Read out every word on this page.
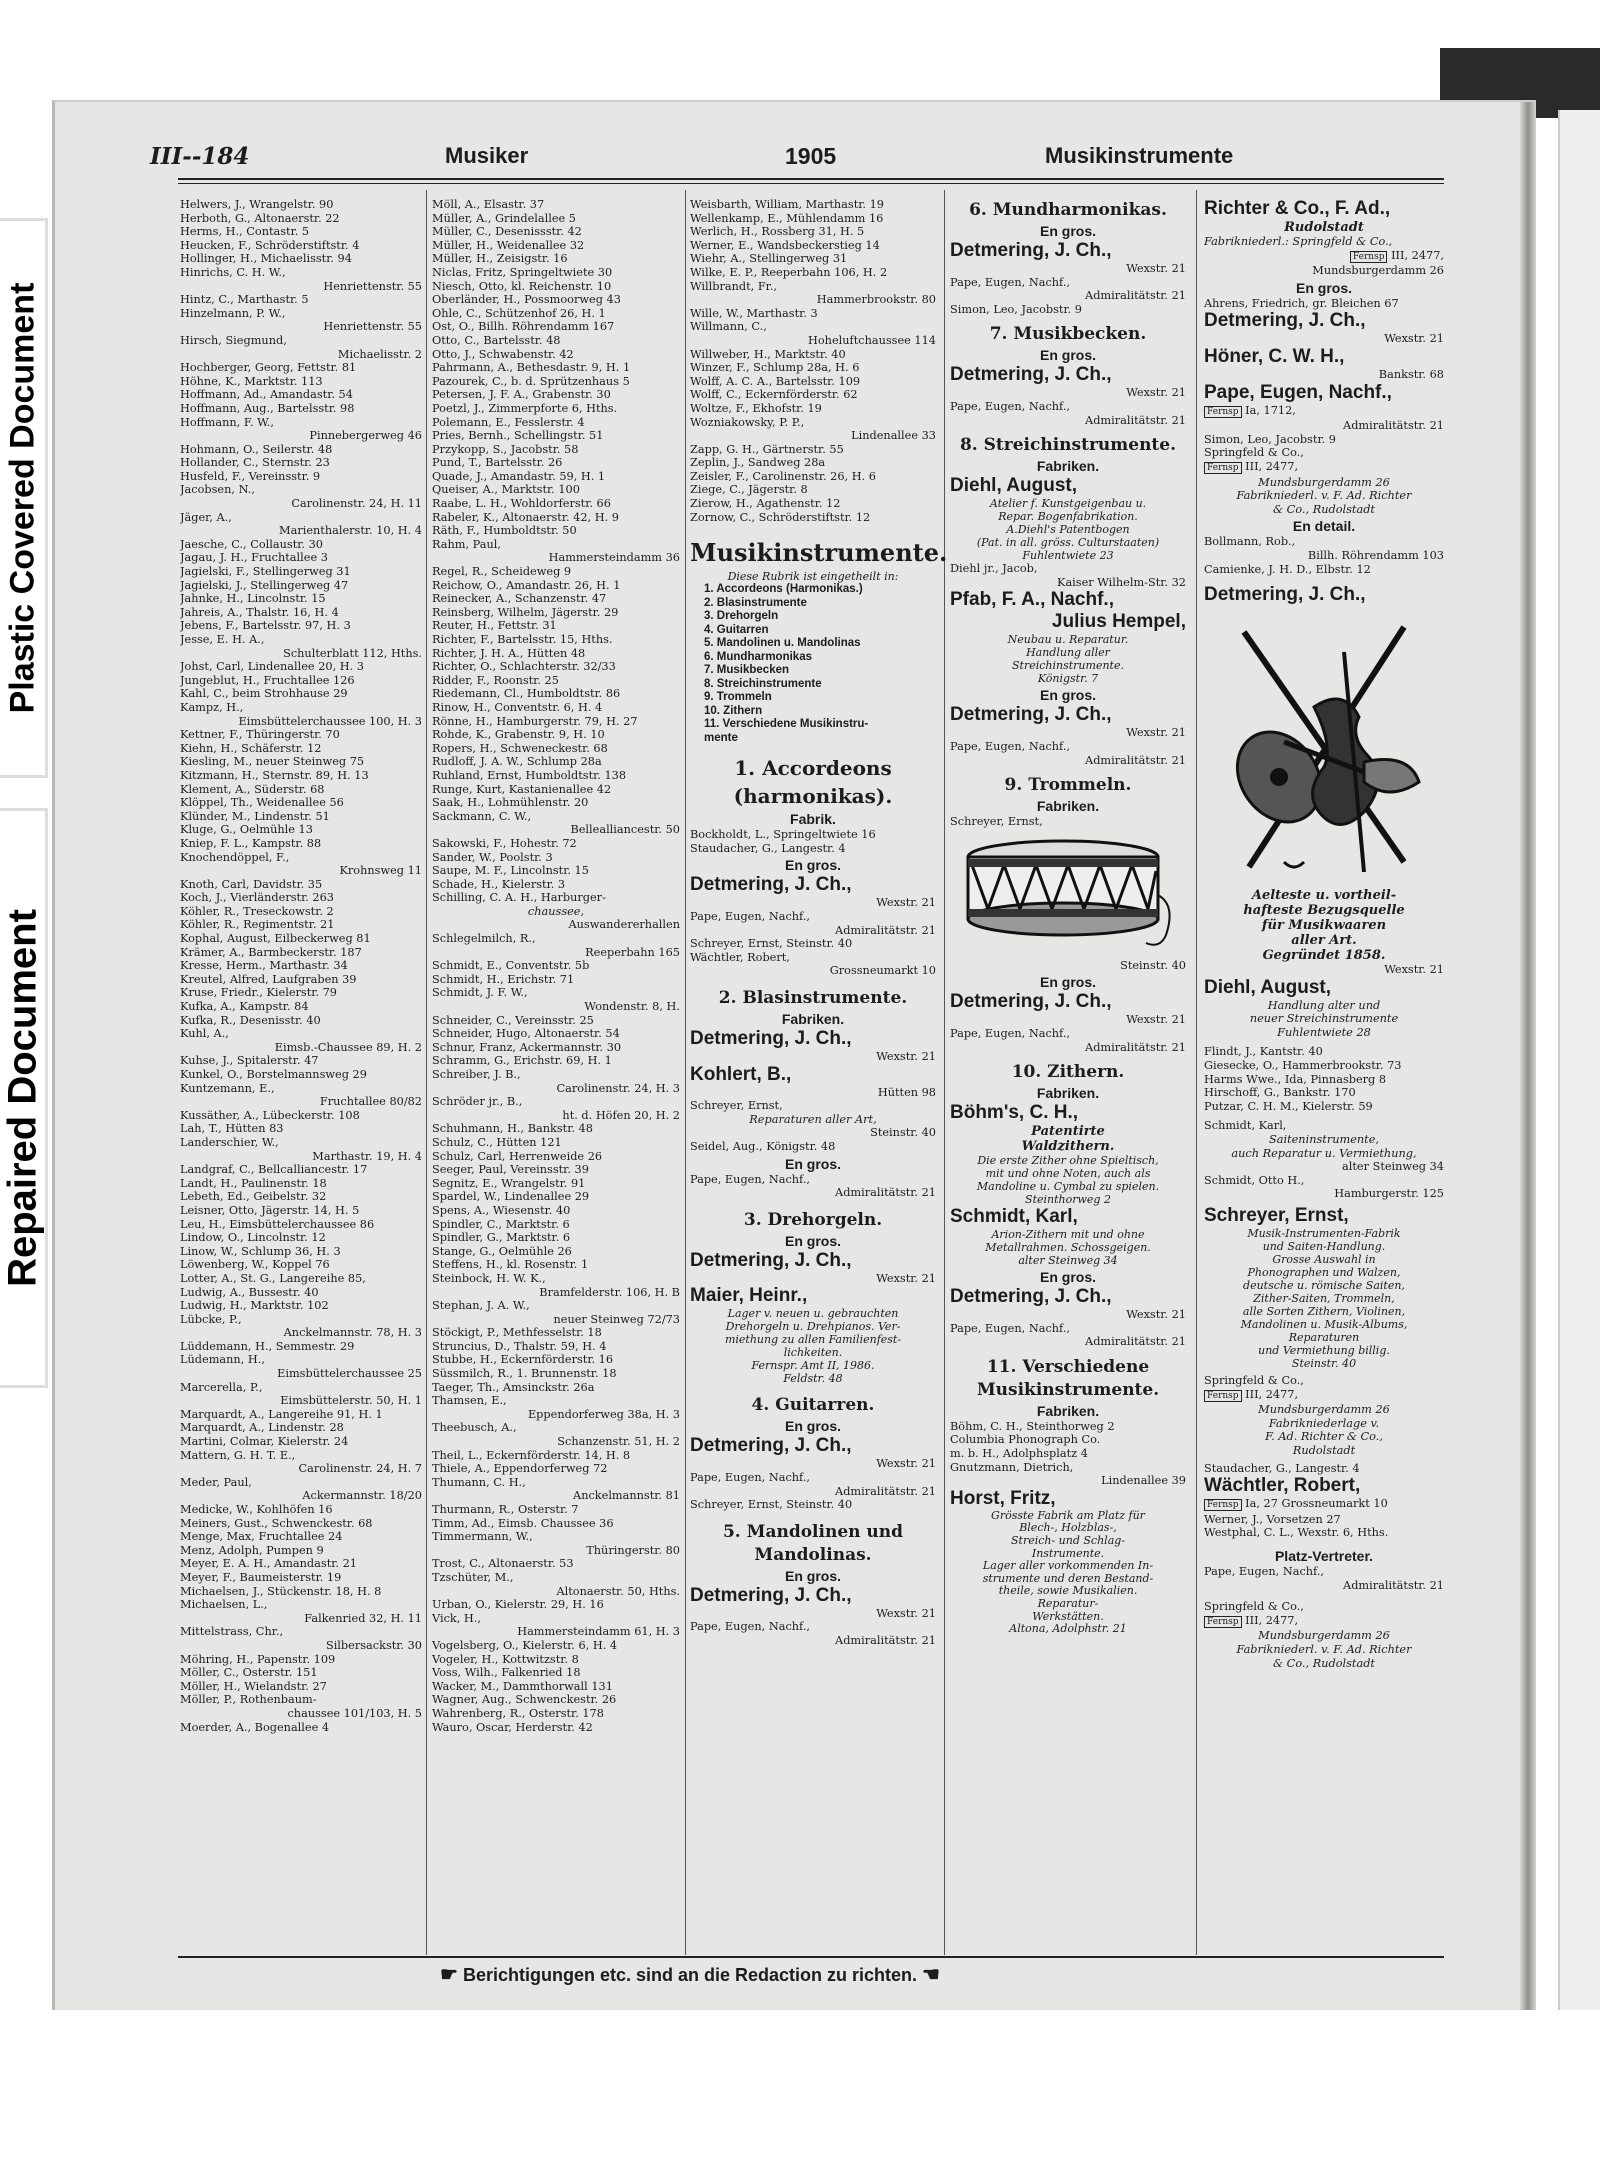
Plastic Covered Document
Repaired Document
III--184	Musiker	1905	Musikinstrumente
Helwers, J., Wrangelstr. 90
Herboth, G., Altonaerstr. 22
Herms, H., Contastr. 5
Heucken, F., Schröderstiftstr. 4
Hollinger, H., Michaelisstr. 94
Hinrichs, C. H. W.,
Henriettenstr. 55
Hintz, C., Marthastr. 5
Hinzelmann, P. W.,
Henriettenstr. 55
Hirsch, Siegmund,
Michaelisstr. 2
Hochberger, Georg, Fettstr. 81
Höhne, K., Marktstr. 113
Hoffmann, Ad., Amandastr. 54
Hoffmann, Aug., Bartelsstr. 98
Hoffmann, F. W.,
Pinnebergerweg 46
Hohmann, O., Seilerstr. 48
Hollander, C., Sternstr. 23
Husfeld, F., Vereinsstr. 9
Jacobsen, N.,
Carolinenstr. 24, H. 11
Jäger, A.,
Marienthalerstr. 10, H. 4
Jaesche, C., Collaustr. 30
Jagau, J. H., Fruchtallee 3
Jagielski, F., Stellingerweg 31
Jagielski, J., Stellingerweg 47
Jahnke, H., Lincolnstr. 15
Jahreis, A., Thalstr. 16, H. 4
Jebens, F., Bartelsstr. 97, H. 3
Jesse, E. H. A.,
Schulterblatt 112, Hths.
Johst, Carl, Lindenallee 20, H. 3
Jungeblut, H., Fruchtallee 126
Kahl, C., beim Strohhause 29
Kampz, H.,
Eimsbüttelerchaussee 100, H. 3
Kettner, F., Thüringerstr. 70
Kiehn, H., Schäferstr. 12
Kiesling, M., neuer Steinweg 75
Kitzmann, H., Sternstr. 89, H. 13
Klement, A., Süderstr. 68
Klöppel, Th., Weidenallee 56
Klünder, M., Lindenstr. 51
Kluge, G., Oelmühle 13
Kniep, F. L., Kampstr. 88
Knochendöppel, F.,
Krohnsweg 11
Knoth, Carl, Davidstr. 35
Koch, J., Vierländerstr. 263
Köhler, R., Treseckowstr. 2
Köhler, R., Regimentstr. 21
Kophal, August, Eilbeckerweg 81
Krämer, A., Barmbeckerstr. 187
Kresse, Herm., Marthastr. 34
Kreutel, Alfred, Laufgraben 39
Kruse, Friedr., Kielerstr. 79
Kufka, A., Kampstr. 84
Kufka, R., Desenisstr. 40
Kuhl, A.,
Eimsb.-Chaussee 89, H. 2
Kuhse, J., Spitalerstr. 47
Kunkel, O., Borstelmannsweg 29
Kuntzemann, E.,
Fruchtallee 80/82
Kussäther, A., Lübeckerstr. 108
Lah, T., Hütten 83
Landerschier, W.,
Marthastr. 19, H. 4
Landgraf, C., Bellcalliancestr. 17
Landt, H., Paulinenstr. 18
Lebeth, Ed., Geibelstr. 32
Leisner, Otto, Jägerstr. 14, H. 5
Leu, H., Eimsbüttelerchaussee 86
Lindow, O., Lincolnstr. 12
Linow, W., Schlump 36, H. 3
Löwenberg, W., Koppel 76
Lotter, A., St. G., Langereihe 85,
Ludwig, A., Bussestr. 40
Ludwig, H., Marktstr. 102
Lübcke, P.,
Anckelmannstr. 78, H. 3
Lüddemann, H., Semmestr. 29
Lüdemann, H.,
Eimsbüttelerchaussee 25
Marcerella, P.,
Eimsbüttelerstr. 50, H. 1
Marquardt, A., Langereihe 91, H. 1
Marquardt, A., Lindenstr. 28
Martini, Colmar, Kielerstr. 24
Mattern, G. H. T. E.,
Carolinenstr. 24, H. 7
Meder, Paul,
Ackermannstr. 18/20
Medicke, W., Kohlhöfen 16
Meiners, Gust., Schwenckestr. 68
Menge, Max, Fruchtallee 24
Menz, Adolph, Pumpen 9
Meyer, E. A. H., Amandastr. 21
Meyer, F., Baumeisterstr. 19
Michaelsen, J., Stückenstr. 18, H. 8
Michaelsen, L.,
Falkenried 32, H. 11
Mittelstrass, Chr.,
Silbersackstr. 30
Möhring, H., Papenstr. 109
Möller, C., Osterstr. 151
Möller, H., Wielandstr. 27
Möller, P., Rothenbaum-
chaussee 101/103, H. 5
Moerder, A., Bogenallee 4
Möll, A., Elsastr. 37
Müller, A., Grindelallee 5
Müller, C., Desenissstr. 42
Müller, H., Weidenallee 32
Müller, H., Zeisigstr. 16
Niclas, Fritz, Springeltwiete 30
Niesch, Otto, kl. Reichenstr. 10
Oberländer, H., Possmoorweg 43
Ohle, C., Schützenhof 26, H. 1
Ost, O., Billh. Röhrendamm 167
Otto, C., Bartelsstr. 48
Otto, J., Schwabenstr. 42
Pahrmann, A., Bethesdastr. 9, H. 1
Pazourek, C., b. d. Sprützenhaus 5
Petersen, J. F. A., Grabenstr. 30
Poetzl, J., Zimmerpforte 6, Hths.
Polemann, E., Fesslerstr. 4
Pries, Bernh., Schellingstr. 51
Przykopp, S., Jacobstr. 58
Pund, T., Bartelsstr. 26
Quade, J., Amandastr. 59, H. 1
Queiser, A., Marktstr. 100
Raabe, L. H., Wohldorferstr. 66
Rabeler, K., Altonaerstr. 42, H. 9
Räth, F., Humboldtstr. 50
Rahm, Paul,
Hammersteindamm 36
Regel, R., Scheideweg 9
Reichow, O., Amandastr. 26, H. 1
Reinecker, A., Schanzenstr. 47
Reinsberg, Wilhelm, Jägerstr. 29
Reuter, H., Fettstr. 31
Richter, F., Bartelsstr. 15, Hths.
Richter, J. H. A., Hütten 48
Richter, O., Schlachterstr. 32/33
Ridder, F., Roonstr. 25
Riedemann, Cl., Humboldtstr. 86
Rinow, H., Conventstr. 6, H. 4
Rönne, H., Hamburgerstr. 79, H. 27
Rohde, K., Grabenstr. 9, H. 10
Ropers, H., Schweneckestr. 68
Rudloff, J. A. W., Schlump 28a
Ruhland, Ernst, Humboldtstr. 138
Runge, Kurt, Kastanienallee 42
Saak, H., Lohmühlenstr. 20
Sackmann, C. W.,
Bellealliancestr. 50
Sakowski, F., Hohestr. 72
Sander, W., Poolstr. 3
Saupe, M. F., Lincolnstr. 15
Schade, H., Kielerstr. 3
Schilling, C. A. H., Harburger-
chaussee,
Auswandererhallen
Schlegelmilch, R.,
Reeperbahn 165
Schmidt, E., Conventstr. 5b
Schmidt, H., Erichstr. 71
Schmidt, J. F. W.,
Wondenstr. 8, H.
Schneider, C., Vereinsstr. 25
Schneider, Hugo, Altonaerstr. 54
Schnur, Franz, Ackermannstr. 30
Schramm, G., Erichstr. 69, H. 1
Schreiber, J. B.,
Carolinenstr. 24, H. 3
Schröder jr., B.,
ht. d. Höfen 20, H. 2
Schuhmann, H., Bankstr. 48
Schulz, C., Hütten 121
Schulz, Carl, Herrenweide 26
Seeger, Paul, Vereinsstr. 39
Segnitz, E., Wrangelstr. 91
Spardel, W., Lindenallee 29
Spens, A., Wiesenstr. 40
Spindler, C., Marktstr. 6
Spindler, G., Marktstr. 6
Stange, G., Oelmühle 26
Steffens, H., kl. Rosenstr. 1
Steinbock, H. W. K.,
Bramfelderstr. 106, H. B
Stephan, J. A. W.,
neuer Steinweg 72/73
Stöckigt, P., Methfesselstr. 18
Struncius, D., Thalstr. 59, H. 4
Stubbe, H., Eckernförderstr. 16
Süssmilch, R., 1. Brunnenstr. 18
Taeger, Th., Amsinckstr. 26a
Thamsen, E.,
Eppendorferweg 38a, H. 3
Theebusch, A.,
Schanzenstr. 51, H. 2
Theil, L., Eckernförderstr. 14, H. 8
Thiele, A., Eppendorferweg 72
Thumann, C. H.,
Anckelmannstr. 81
Thurmann, R., Osterstr. 7
Timm, Ad., Eimsb. Chaussee 36
Timmermann, W.,
Thüringerstr. 80
Trost, C., Altonaerstr. 53
Tzschüter, M.,
Altonaerstr. 50, Hths.
Urban, O., Kielerstr. 29, H. 16
Vick, H.,
Hammersteindamm 61, H. 3
Vogelsberg, O., Kielerstr. 6, H. 4
Vogeler, H., Kottwitzstr. 8
Voss, Wilh., Falkenried 18
Wacker, M., Dammthorwall 131
Wagner, Aug., Schwenckestr. 26
Wahrenberg, R., Osterstr. 178
Wauro, Oscar, Herderstr. 42
Weisbarth, William, Marthastr. 19
Wellenkamp, E., Mühlendamm 16
Werlich, H., Rossberg 31, H. 5
Werner, E., Wandsbeckerstieg 14
Wiehr, A., Stellingerweg 31
Wilke, E. P., Reeperbahn 106, H. 2
Willbrandt, Fr.,
Hammerbrookstr. 80
Wille, W., Marthastr. 3
Willmann, C.,
Hoheluftchaussee 114
Willweber, H., Marktstr. 40
Winzer, F., Schlump 28a, H. 6
Wolff, A. C. A., Bartelsstr. 109
Wolff, C., Eckernförderstr. 62
Woltze, F., Ekhofstr. 19
Wozniakowsky, P. P.,
Lindenallee 33
Zapp, G. H., Gärtnerstr. 55
Zeplin, J., Sandweg 28a
Zeisler, F., Carolinenstr. 26, H. 6
Ziege, C., Jägerstr. 8
Zierow, H., Agathenstr. 12
Zornow, C., Schröderstiftstr. 12
Musikinstrumente.
Diese Rubrik ist eingetheilt in:
1. Accordeons (Harmonikas.)
2. Blasinstrumente
3. Drehorgeln
4. Guitarren
5. Mandolinen u. Mandolinas
6. Mundharmonikas
7. Musikbecken
8. Streichinstrumente
9. Trommeln
10. Zithern
11. Verschiedene Musikinstru-
mente
1. Accordeons
(harmonikas).
Fabrik.
Bockholdt, L., Springeltwiete 16
Staudacher, G., Langestr. 4
En gros.
Detmering, J. Ch.,
Wexstr. 21
Pape, Eugen, Nachf.,
Admiralitätstr. 21
Schreyer, Ernst, Steinstr. 40
Wächtler, Robert,
Grossneumarkt 10
2. Blasinstrumente.
Fabriken.
Detmering, J. Ch.,
Wexstr. 21
Kohlert, B.,
Hütten 98
Schreyer, Ernst,
Reparaturen aller Art,
Steinstr. 40
Seidel, Aug., Königstr. 48
En gros.
Pape, Eugen, Nachf.,
Admiralitätstr. 21
3. Drehorgeln.
En gros.
Detmering, J. Ch.,
Wexstr. 21
Maier, Heinr.,
Lager v. neuen u. gebrauchten
Drehorgeln u. Drehpianos. Ver-
miethung zu allen Familienfest-
lichkeiten.
Fernspr. Amt II, 1986.
Feldstr. 48
4. Guitarren.
En gros.
Detmering, J. Ch.,
Wexstr. 21
Pape, Eugen, Nachf.,
Admiralitätstr. 21
Schreyer, Ernst, Steinstr. 40
5. Mandolinen und
Mandolinas.
En gros.
Detmering, J. Ch.,
Wexstr. 21
Pape, Eugen, Nachf.,
Admiralitätstr. 21
6. Mundharmonikas.
En gros.
Detmering, J. Ch.,
Wexstr. 21
Pape, Eugen, Nachf.,
Admiralitätstr. 21
Simon, Leo, Jacobstr. 9
7. Musikbecken.
En gros.
Detmering, J. Ch.,
Wexstr. 21
Pape, Eugen, Nachf.,
Admiralitätstr. 21
8. Streichinstrumente.
Fabriken.
Diehl, August,
Atelier f. Kunstgeigenbau u.
Repar. Bogenfabrikation.
A.Diehl's Patentbogen
(Pat. in all. gröss. Culturstaaten)
Fuhlentwiete 23
Diehl jr., Jacob,
Kaiser Wilhelm-Str. 32
Pfab, F. A., Nachf.,
Julius Hempel,
Neubau u. Reparatur.
Handlung aller
Streichinstrumente.
Königstr. 7
En gros.
Detmering, J. Ch.,
Wexstr. 21
Pape, Eugen, Nachf.,
Admiralitätstr. 21
9. Trommeln.
Fabriken.
Schreyer, Ernst,
Steinstr. 40
En gros.
Detmering, J. Ch.,
Wexstr. 21
Pape, Eugen, Nachf.,
Admiralitätstr. 21
10. Zithern.
Fabriken.
Böhm's, C. H.,
Patentirte
Waldzithern.
Die erste Zither ohne Spieltisch,
mit und ohne Noten, auch als
Mandoline u. Cymbal zu spielen.
Steinthorweg 2
Schmidt, Karl,
Arion-Zithern mit und ohne
Metallrahmen. Schossgeigen.
alter Steinweg 34
En gros.
Detmering, J. Ch.,
Wexstr. 21
Pape, Eugen, Nachf.,
Admiralitätstr. 21
11. Verschiedene
Musikinstrumente.
Fabriken.
Böhm, C. H., Steinthorweg 2
Columbia Phonograph Co.
m. b. H., Adolphsplatz 4
Gnutzmann, Dietrich,
Lindenallee 39
Horst, Fritz,
Grösste Fabrik am Platz für
Blech-, Holzblas-,
Streich- und Schlag-
Instrumente.
Lager aller vorkommenden In-
strumente und deren Bestand-
theile, sowie Musikalien.
Reparatur-
Werkstätten.
Altona, Adolphstr. 21
Richter & Co., F. Ad.,
Rudolstadt
Fabrikniederl.: Springfeld & Co.,
Fernsp III, 2477,
Mundsburgerdamm 26
En gros.
Ahrens, Friedrich, gr. Bleichen 67
Detmering, J. Ch.,
Wexstr. 21
Höner, C. W. H.,
Bankstr. 68
Pape, Eugen, Nachf.,
Fernsp Ia, 1712,
Admiralitätstr. 21
Simon, Leo, Jacobstr. 9
Springfeld & Co.,
Fernsp III, 2477,
Mundsburgerdamm 26
Fabrikniederl. v. F. Ad. Richter
& Co., Rudolstadt
En detail.
Bollmann, Rob.,
Billh. Röhrendamm 103
Camienke, J. H. D., Elbstr. 12
Detmering, J. Ch.,
Aelteste u. vortheil-
hafteste Bezugsquelle
für Musikwaaren
aller Art.
Gegründet 1858.
Wexstr. 21
Diehl, August,
Handlung alter und
neuer Streichinstrumente
Fuhlentwiete 28
Flindt, J., Kantstr. 40
Giesecke, O., Hammerbrookstr. 73
Harms Wwe., Ida, Pinnasberg 8
Hirschoff, G., Bankstr. 170
Putzar, C. H. M., Kielerstr. 59
Schmidt, Karl,
Saiteninstrumente,
auch Reparatur u. Vermiethung,
alter Steinweg 34
Schmidt, Otto H.,
Hamburgerstr. 125
Schreyer, Ernst,
Musik-Instrumenten-Fabrik
und Saiten-Handlung.
Grosse Auswahl in
Phonographen und Walzen,
deutsche u. römische Saiten,
Zither-Saiten, Trommeln,
alle Sorten Zithern, Violinen,
Mandolinen u. Musik-Albums,
Reparaturen
und Vermiethung billig.
Steinstr. 40
Springfeld & Co.,
Fernsp III, 2477,
Mundsburgerdamm 26
Fabrikniederlage v.
F. Ad. Richter & Co.,
Rudolstadt
Staudacher, G., Langestr. 4
Wächtler, Robert,
Fernsp Ia, 27 Grossneumarkt 10
Werner, J., Vorsetzen 27
Westphal, C. L., Wexstr. 6, Hths.
Platz-Vertreter.
Pape, Eugen, Nachf.,
Admiralitätstr. 21
Springfeld & Co.,
Fernsp III, 2477,
Mundsburgerdamm 26
Fabrikniederl. v. F. Ad. Richter
& Co., Rudolstadt
☛ Berichtigungen etc. sind an die Redaction zu richten. ☚
